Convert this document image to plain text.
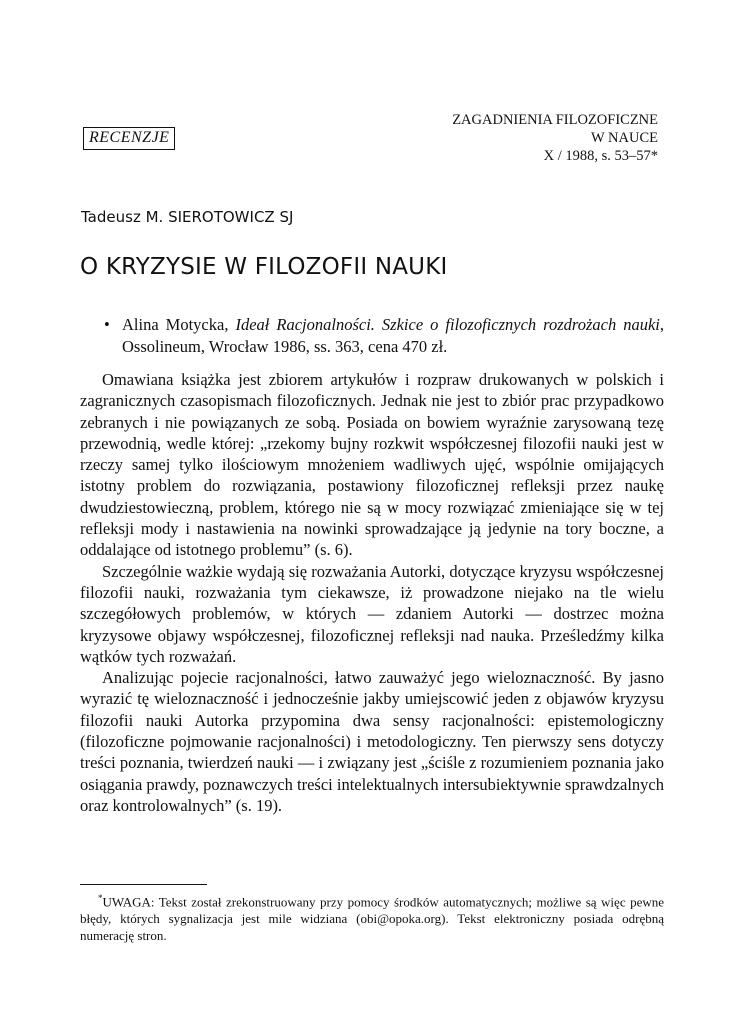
ZAGADNIENIA FILOZOFICZNE
W NAUCE
X / 1988, s. 53–57*
RECENZJE
Tadeusz M. SIEROTOWICZ SJ
O KRYZYSIE W FILOZOFII NAUKI
• Alina Motycka, Ideał Racjonalności. Szkice o filozoficznych rozdrożach nauki, Ossolineum, Wrocław 1986, ss. 363, cena 470 zł.

Omawiana książka jest zbiorem artykułów i rozpraw drukowanych w polskich i zagranicznych czasopismach filozoficznych. Jednak nie jest to zbiór prac przypadkowo zebranych i nie powiązanych ze sobą. Posiada on bowiem wyraźnie zarysowaną tezę przewodnią, wedle której: „rzekomy bujny rozkwit współczesnej filozofii nauki jest w rzeczy samej tylko ilościowym mnożeniem wadliwych ujęć, wspólnie omijających istotny problem do rozwiązania, postawiony filozoficznej refleksji przez naukę dwudziestowieczną, problem, którego nie są w mocy rozwiązać zmieniające się w tej refleksji mody i nastawienia na nowinki sprowadzające ją jedynie na tory boczne, a oddalające od istotnego problemu” (s. 6).

Szczególnie ważkie wydają się rozważania Autorki, dotyczące kryzysu współczesnej filozofii nauki, rozważania tym ciekawsze, iż prowadzone niejako na tle wielu szczegółowych problemów, w których — zdaniem Autorki — dostrzec można kryzysowe objawy współczesnej, filozoficznej refleksji nad nauka. Prześledźmy kilka wątków tych rozważań.

Analizując pojecie racjonalności, łatwo zauważyć jego wieloznaczność. By jasno wyrazić tę wieloznaczność i jednocześnie jakby umiejscowić jeden z objawów kryzysu filozofii nauki Autorka przypomina dwa sensy racjonalności: epistemologiczny (filozoficzne pojmowanie racjonalności) i metodologiczny. Ten pierwszy sens dotyczy treści poznania, twierdzeń nauki — i związany jest „ściśle z rozumieniem poznania jako osiągania prawdy, poznawczych treści intelektualnych intersubiektywnie sprawdzalnych oraz kontrolowalnych” (s. 19).

*UWAGA: Tekst został zrekonstruowany przy pomocy środków automatycznych; możliwe są więc pewne błędy, których sygnalizacja jest mile widziana (obi@opoka.org). Tekst elektroniczny posiada odrębną numerację stron.
